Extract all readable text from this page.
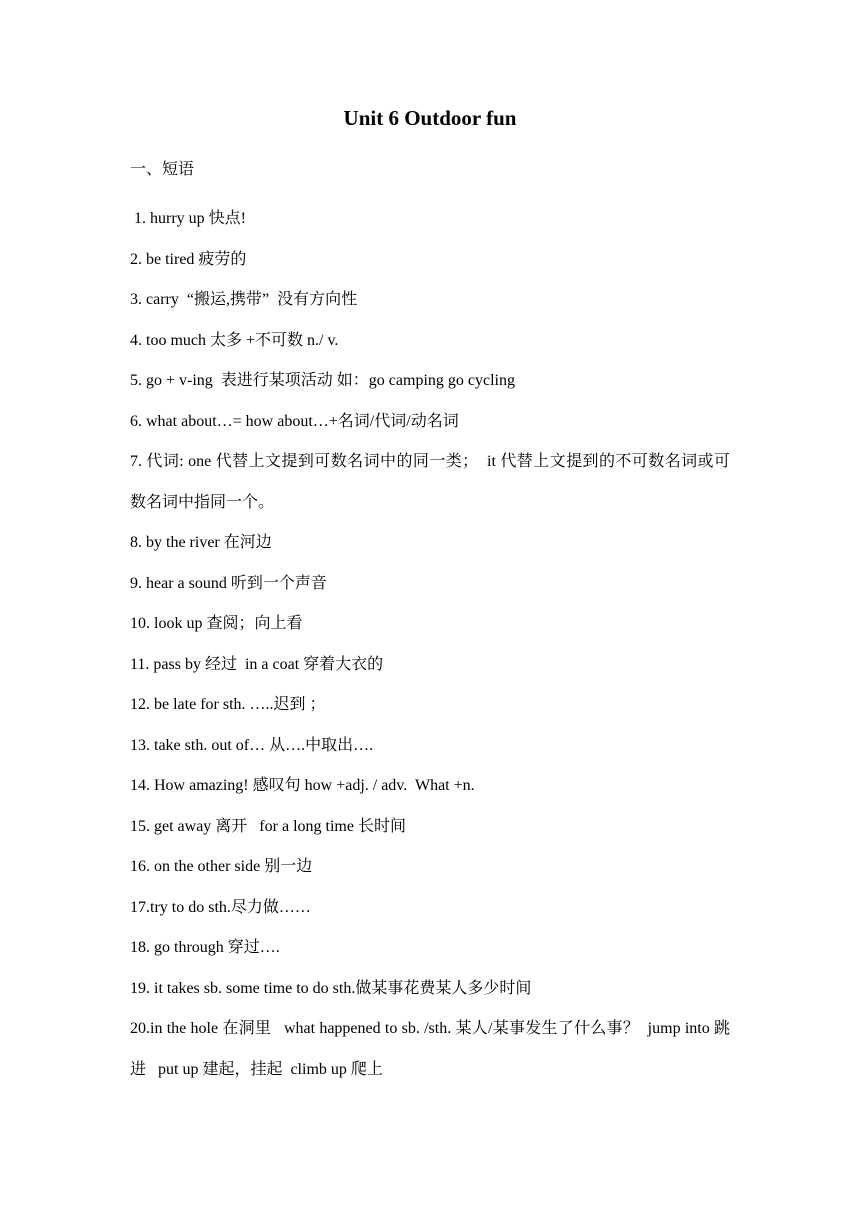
Unit 6 Outdoor fun
一、短语
1. hurry up 快点!
2. be tired 疲劳的
3. carry  “搬运,携带”  没有方向性
4. too much 太多 +不可数 n./ v.
5. go + v-ing  表进行某项活动 如：go camping go cycling
6. what about…= how about…+名词/代词/动名词
7. 代词: one 代替上文提到可数名词中的同一类；  it 代替上文提到的不可数名词或可数名词中指同一个。
8. by the river 在河边
9. hear a sound 听到一个声音
10. look up 查阅；向上看
11. pass by 经过  in a coat 穿着大衣的
12. be late for sth. …..迟到 ；
13. take sth. out of… 从….中取出….
14. How amazing! 感叹句 how +adj. / adv.  What +n.
15. get away 离开   for a long time 长时间
16. on the other side 别一边
17.try to do sth.尽力做……
18. go through 穿过….
19. it takes sb. some time to do sth.做某事花费某人多少时间
20.in the hole 在洞里   what happened to sb. /sth. 某人/某事发生了什么事？  jump into 跳进   put up 建起，挂起  climb up 爬上
